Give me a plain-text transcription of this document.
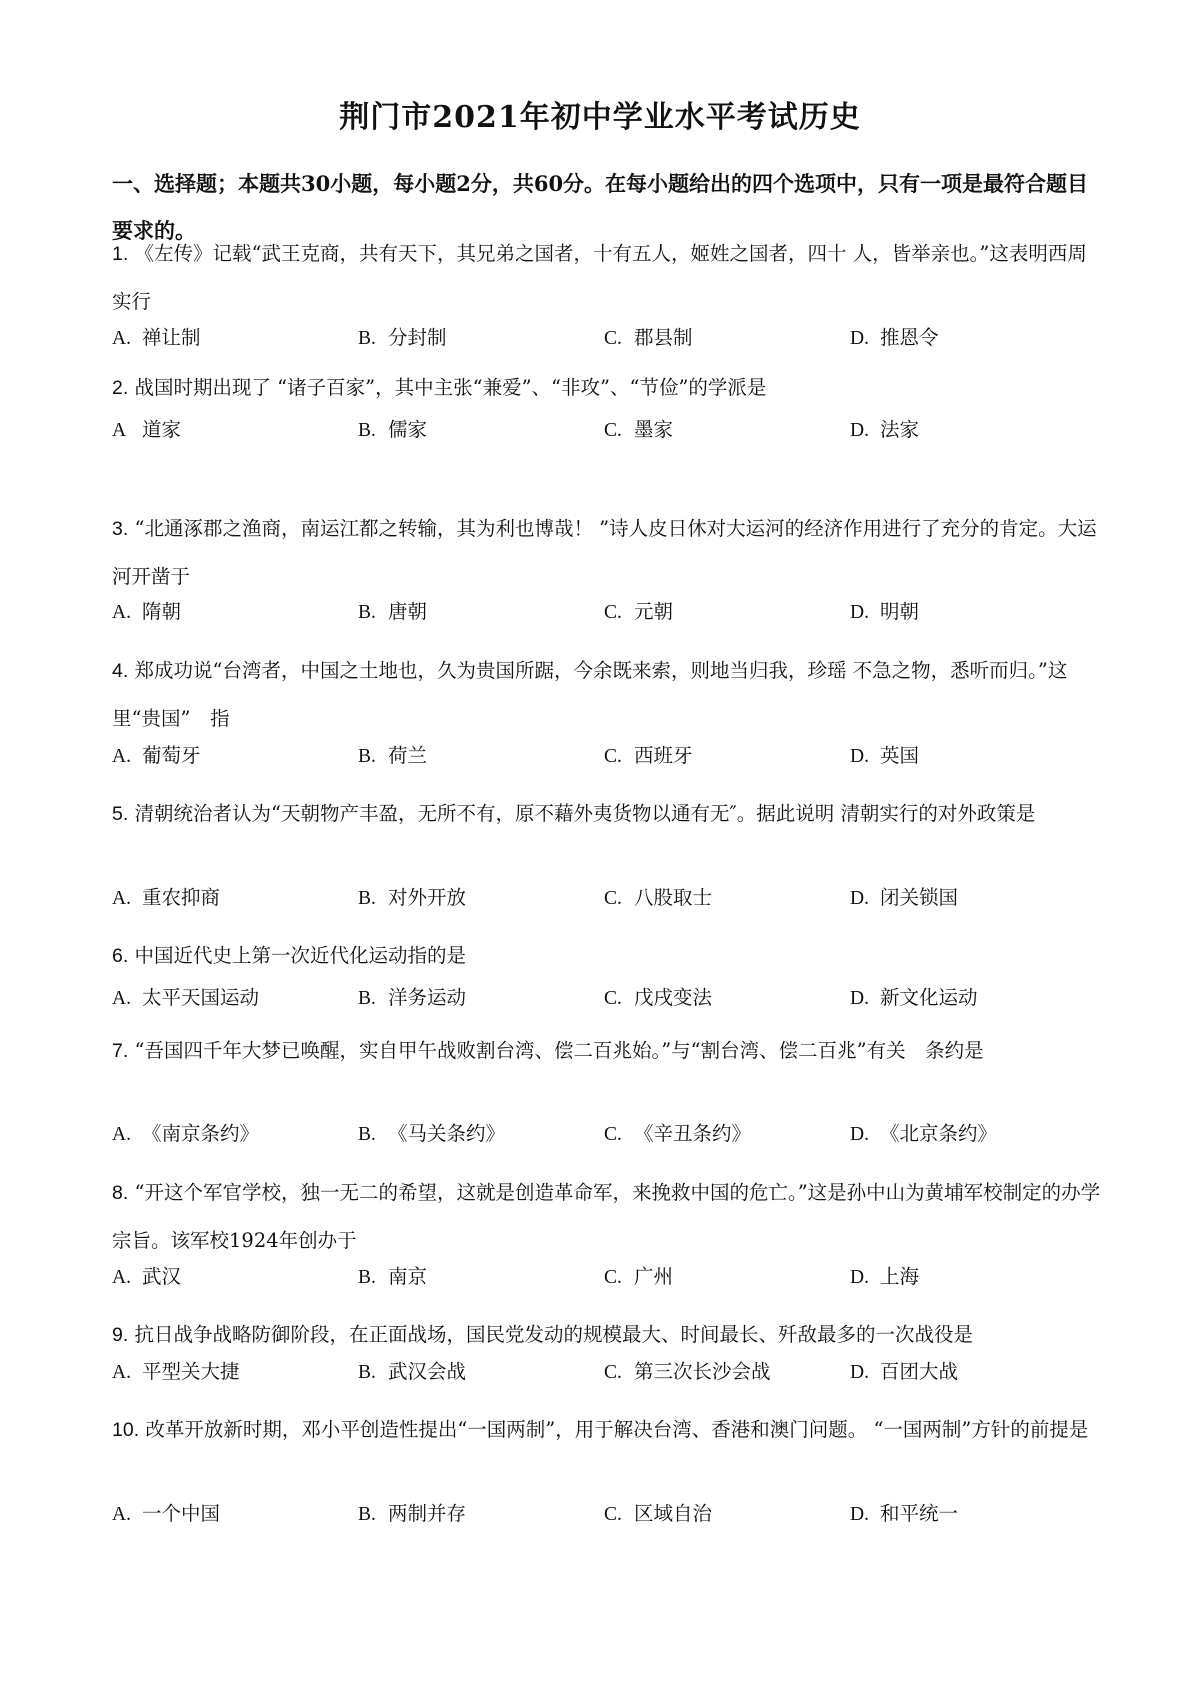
荆门市2021年初中学业水平考试历史
一、选择题；本题共30小题，每小题2分，共60分。在每小题给出的四个选项中，只有一项是最符合题目要求的。
1. 《左传》记载“武王克商，共有天下，其兄弟之国者，十有五人，姬姓之国者，四十 人，皆举亲也。”这表明西周实行
A. 禅让制	B. 分封制	C. 郡县制	D. 推恩令
2. 战国时期出现了 “诸子百家”，其中主张“兼爱”、“非攻”、“节俭”的学派是
A 道家	B. 儒家	C. 墨家	D. 法家
3. “北通涿郡之渔商，南运江都之转输，其为利也博哉！ ”诗人皮日休对大运河的经济作用进行了充分的肯定。大运河开凿于
A. 隋朝	B. 唐朝	C. 元朝	D. 明朝
4. 郑成功说“台湾者，中国之土地也，久为贵国所踞，今余既来索，则地当归我，珍瑶 不急之物，悉听而归。”这里“贵国”　指
A. 葡萄牙	B. 荷兰	C. 西班牙	D. 英国
5. 清朝统治者认为“天朝物产丰盈，无所不有，原不藉外夷货物以通有无″。据此说明 清朝实行的对外政策是
A. 重农抑商	B. 对外开放	C. 八股取士	D. 闭关锁国
6. 中国近代史上第一次近代化运动指的是
A. 太平天国运动	B. 洋务运动	C. 戊戌变法	D. 新文化运动
7. “吾国四千年大梦已唤醒，实自甲午战败割台湾、偿二百兆始。”与“割台湾、偿二百兆”有关　条约是
A. 《南京条约》	B. 《马关条约》	C. 《辛丑条约》	D. 《北京条约》
8. “开这个军官学校，独一无二的希望，这就是创造革命军，来挽救中国的危亡。”这是孙中山为黄埔军校制定的办学宗旨。该军校1924年创办于
A. 武汉	B. 南京	C. 广州	D. 上海
9. 抗日战争战略防御阶段，在正面战场，国民党发动的规模最大、时间最长、歼敌最多的一次战役是
A. 平型关大捷	B. 武汉会战	C. 第三次长沙会战	D. 百团大战
10. 改革开放新时期，邓小平创造性提出“一国两制”，用于解决台湾、香港和澳门问题。 “一国两制”方针的前提是
A. 一个中国	B. 两制并存	C. 区域自治	D. 和平统一
